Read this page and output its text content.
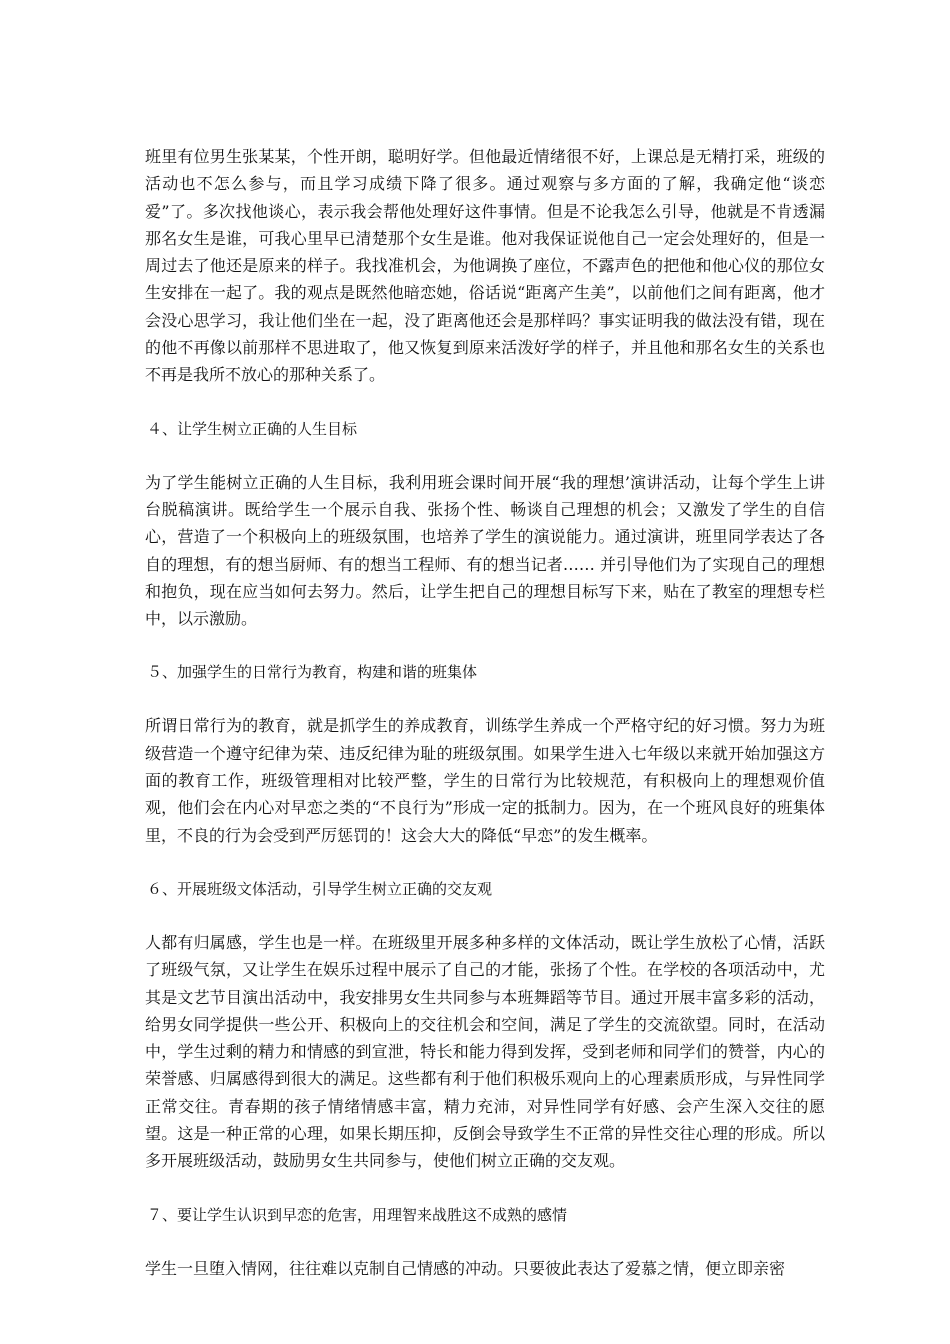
班里有位男生张某某，个性开朗，聪明好学。但他最近情绪很不好，上课总是无精打采，班级的活动也不怎么参与，而且学习成绩下降了很多。通过观察与多方面的了解，我确定他“谈恋爱”了。多次找他谈心，表示我会帮他处理好这件事情。但是不论我怎么引导，他就是不肯透漏那名女生是谁，可我心里早已清楚那个女生是谁。他对我保证说他自己一定会处理好的，但是一周过去了他还是原来的样子。我找准机会，为他调换了座位，不露声色的把他和他心仪的那位女生安排在一起了。我的观点是既然他暗恋她，俗话说“距离产生美”，以前他们之间有距离，他才会没心思学习，我让他们坐在一起，没了距离他还会是那样吗？事实证明我的做法没有错，现在的他不再像以前那样不思进取了，他又恢复到原来活泼好学的样子，并且他和那名女生的关系也不再是我所不放心的那种关系了。

４、让学生树立正确的人生目标

为了学生能树立正确的人生目标，我利用班会课时间开展“我的理想’演讲活动，让每个学生上讲台脱稿演讲。既给学生一个展示自我、张扬个性、畅谈自己理想的机会；又激发了学生的自信心，营造了一个积极向上的班级氛围，也培养了学生的演说能力。通过演讲，班里同学表达了各自的理想，有的想当厨师、有的想当工程师、有的想当记者…… 并引导他们为了实现自己的理想和抱负，现在应当如何去努力。然后，让学生把自己的理想目标写下来，贴在了教室的理想专栏中，以示激励。

５、加强学生的日常行为教育，构建和谐的班集体

所谓日常行为的教育，就是抓学生的养成教育，训练学生养成一个严格守纪的好习惯。努力为班级营造一个遵守纪律为荣、违反纪律为耻的班级氛围。如果学生进入七年级以来就开始加强这方面的教育工作，班级管理相对比较严整，学生的日常行为比较规范，有积极向上的理想观价值观，他们会在内心对早恋之类的“不良行为”形成一定的抵制力。因为，在一个班风良好的班集体里，不良的行为会受到严厉惩罚的！这会大大的降低“早恋”的发生概率。

６、开展班级文体活动，引导学生树立正确的交友观

人都有归属感，学生也是一样。在班级里开展多种多样的文体活动，既让学生放松了心情，活跃了班级气氛，又让学生在娱乐过程中展示了自己的才能，张扬了个性。在学校的各项活动中，尤其是文艺节目演出活动中，我安排男女生共同参与本班舞蹈等节目。通过开展丰富多彩的活动，给男女同学提供一些公开、积极向上的交往机会和空间，满足了学生的交流欲望。同时，在活动中，学生过剩的精力和情感的到宣泄，特长和能力得到发挥，受到老师和同学们的赞誉，内心的荣誉感、归属感得到很大的满足。这些都有利于他们积极乐观向上的心理素质形成，与异性同学正常交往。青春期的孩子情绪情感丰富，精力充沛，对异性同学有好感、会产生深入交往的愿望。这是一种正常的心理，如果长期压抑，反倒会导致学生不正常的异性交往心理的形成。所以多开展班级活动，鼓励男女生共同参与，使他们树立正确的交友观。

７、要让学生认识到早恋的危害，用理智来战胜这不成熟的感情

学生一旦堕入情网，往往难以克制自己情感的冲动。只要彼此表达了爱慕之情，便立即亲密
